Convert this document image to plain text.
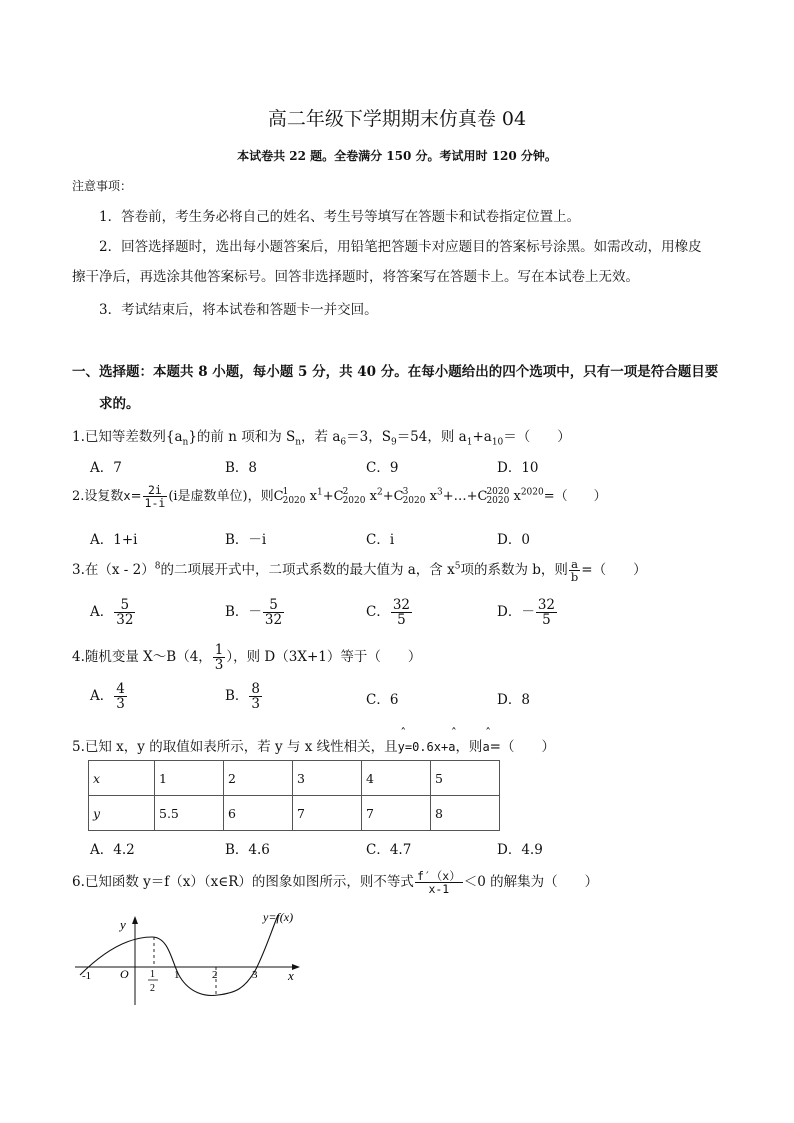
高二年级下学期期末仿真卷 04
本试卷共 22 题。全卷满分 150 分。考试用时 120 分钟。
注意事项：
1．答卷前，考生务必将自己的姓名、考生号等填写在答题卡和试卷指定位置上。
2．回答选择题时，选出每小题答案后，用铅笔把答题卡对应题目的答案标号涂黑。如需改动，用橡皮
擦干净后，再选涂其他答案标号。回答非选择题时，将答案写在答题卡上。写在本试卷上无效。
3．考试结束后，将本试卷和答题卡一并交回。
一、选择题：本题共 8 小题，每小题 5 分，共 40 分。在每小题给出的四个选项中，只有一项是符合题目要
求的。
1.已知等差数列$\{a_n\}$的前 n 项和为 $S_n$，若 $a_6=3$，$S_9=54$，则 $a_1+a_{10}=$（　　）
A．7	B．8	C．9	D．10
2.设复数$x= \frac{2i}{1-i} (i$是虚数单位)，则C 1
2020 $x^1+C$ 2
2020 $x^2+C$ 3
2020 $x^3+\dots+C$ 2020
2020 $x^{2020}=$（　　）
A．1+i	B．－i	C．i	D．0
3.在（x - 2）$^8$的二项展开式中，二项式系数的最大值为 a，含 $x^5$项的系数为 b，则 $\frac{a}{b}$ =（　　）
A． $\frac{5}{32}$	B．－ $\frac{5}{32}$	C． $\frac{32}{5}$	D．－ $\frac{32}{5}$
4.随机变量 X～B（4， $\frac{1}{3}$ ），则 D（3X+1）等于（　　）
A． $\frac{4}{3}$	B． $\frac{8}{3}$	C．6	D．8
5.已知 x，y 的取值如表所示，若 y 与 x 线性相关，且ˆ y=0.6x+ˆ a，则ˆ a=（　　）
x	1	2	3	4	5
y	5.5	6	7	7	8
A．4.2	B．4.6	C．4.7	D．4.9
6.已知函数 y＝f（x）（x∈R）的图象如图所示，则不等式 $\frac{f'(x)}{x-1} <0$ 的解集为（　　）
y
x
y=f(x)
O
-1	1
2
1	2	3
